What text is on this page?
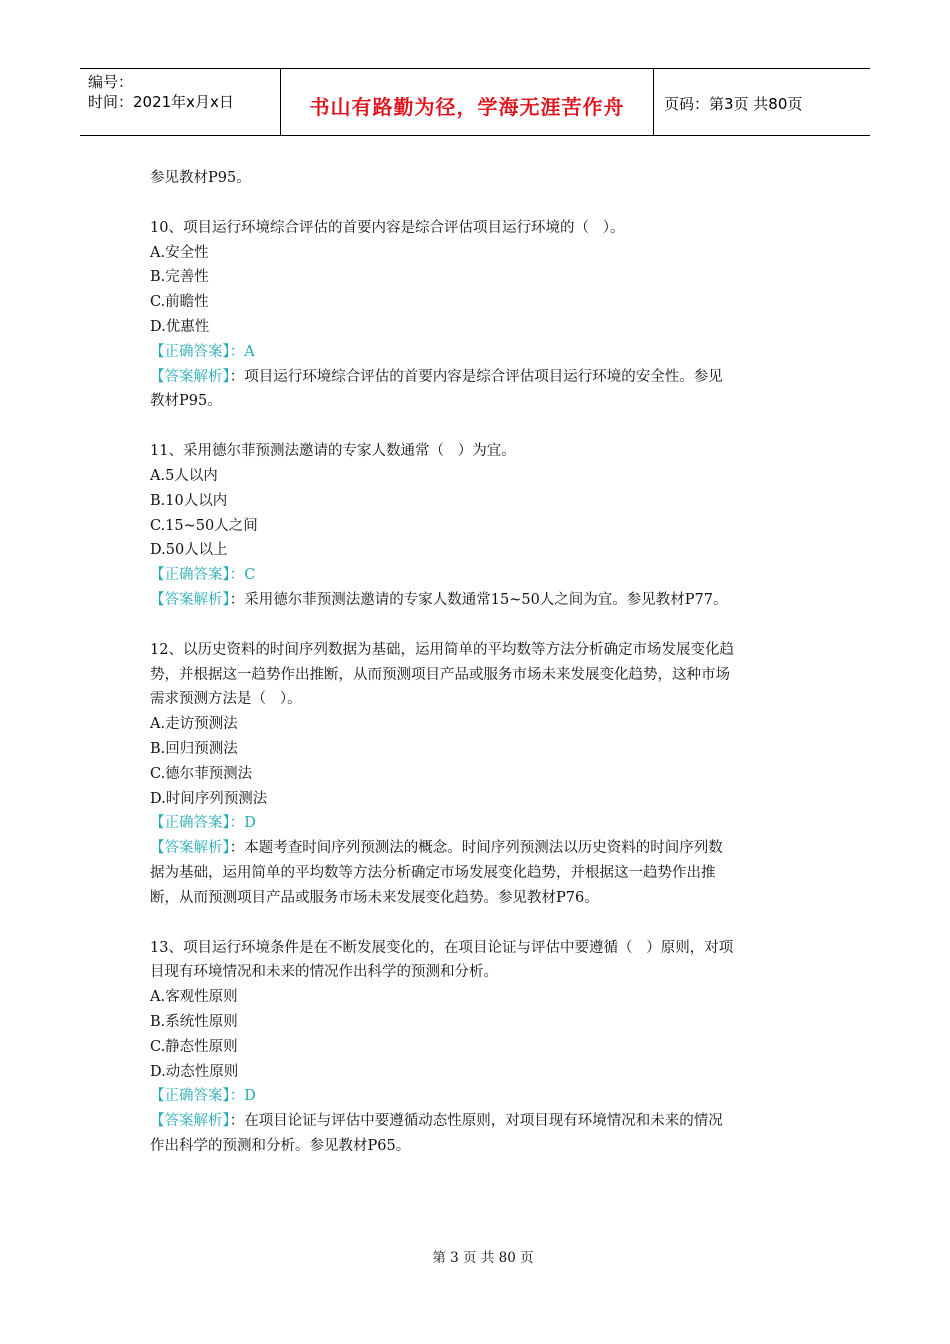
编号：
时间：2021年x月x日	书山有路勤为径，学海无涯苦作舟	页码：第3页 共80页

参见教材P95。

10、项目运行环境综合评估的首要内容是综合评估项目运行环境的（   ）。

A.安全性

B.完善性

C.前瞻性

D.优惠性

【正确答案】：A

【答案解析】：项目运行环境综合评估的首要内容是综合评估项目运行环境的安全性。参见

教材P95。

11、采用德尔菲预测法邀请的专家人数通常（   ）为宜。

A.5人以内

B.10人以内

C.15~50人之间

D.50人以上

【正确答案】：C

【答案解析】：采用德尔菲预测法邀请的专家人数通常15~50人之间为宜。参见教材P77。

12、以历史资料的时间序列数据为基础，运用简单的平均数等方法分析确定市场发展变化趋

势，并根据这一趋势作出推断，从而预测项目产品或服务市场未来发展变化趋势，这种市场

需求预测方法是（   ）。

A.走访预测法

B.回归预测法

C.德尔菲预测法

D.时间序列预测法

【正确答案】：D

【答案解析】：本题考查时间序列预测法的概念。时间序列预测法以历史资料的时间序列数

据为基础，运用简单的平均数等方法分析确定市场发展变化趋势，并根据这一趋势作出推

断，从而预测项目产品或服务市场未来发展变化趋势。参见教材P76。

13、项目运行环境条件是在不断发展变化的，在项目论证与评估中要遵循（   ）原则，对项

目现有环境情况和未来的情况作出科学的预测和分析。

A.客观性原则

B.系统性原则

C.静态性原则

D.动态性原则

【正确答案】：D

【答案解析】：在项目论证与评估中要遵循动态性原则，对项目现有环境情况和未来的情况

作出科学的预测和分析。参见教材P65。

第 3 页 共 80 页
